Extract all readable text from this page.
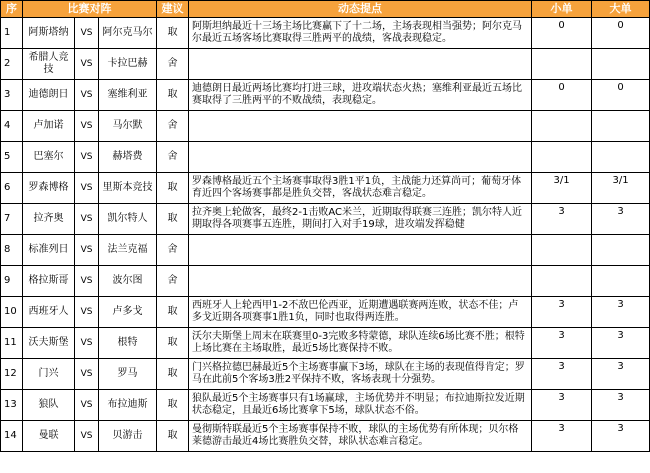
序	比赛对阵			建议	动态提点	小单	大单
1	阿斯塔纳	VS	阿尔克马尔	取	阿斯坦纳最近十三场主场比赛赢下了十二场，主场表现相当强势；阿尔克马尔最近五场客场比赛取得三胜两平的战绩，客战表现稳定。	0	0
2	希腊人竞技	VS	卡拉巴赫	舍			
3	迪德朗日	VS	塞维利亚	取	迪德朗日最近两场比赛均打进三球，进攻端状态火热；塞维利亚最近五场比赛取得了三胜两平的不败战绩，表现稳定。	0	0
4	卢加诺	VS	马尔默	舍			
5	巴塞尔	VS	赫塔费	舍			
6	罗森博格	VS	里斯本竞技	取	罗森博格最近五个主场赛事取得3胜1平1负，主战能力还算尚可；葡萄牙体育近四个客场赛事都是胜负交替，客战状态难言稳定。	3/1	3/1
7	拉齐奥	VS	凯尔特人	取	拉齐奥上轮做客，最终2-1击败AC米兰，近期取得联赛三连胜；凯尔特人近期取得各项赛事五连胜，期间打入对手19球，进攻端发挥稳健	3	3
8	标准列日	VS	法兰克福	舍			
9	格拉斯哥	VS	波尔图	舍			
10	西班牙人	VS	卢多戈	取	西班牙人上轮西甲1-2不敌巴伦西亚，近期遭遇联赛两连败，状态不佳；卢多戈近期各项赛事1胜1负，同时也取得两连胜。	3	3
11	沃夫斯堡	VS	根特	取	沃尔夫斯堡上周末在联赛里0-3完败多特蒙德，球队连续6场比赛不胜；根特上场比赛在主场取胜，最近5场比赛保持不败。	3	3
12	门兴	VS	罗马	取	门兴格拉德巴赫最近5个主场赛事赢下3场，球队在主场的表现值得肯定；罗马在此前5个客场3胜2平保持不败，客场表现十分强势。	3	3
13	狼队	VS	布拉迪斯	取	狼队最近5个主场赛事只有1场赢球，主场优势并不明显；布拉迪斯拉发近期状态稳定，且最近6场比赛拿下5场，球队状态不俗。	3	3
14	曼联	VS	贝游击	取	曼彻斯特联最近5个主场赛事保持不败，球队的主场优势有所体现；贝尔格莱德游击最近4场比赛胜负交替，球队状态难言稳定。	3	3
